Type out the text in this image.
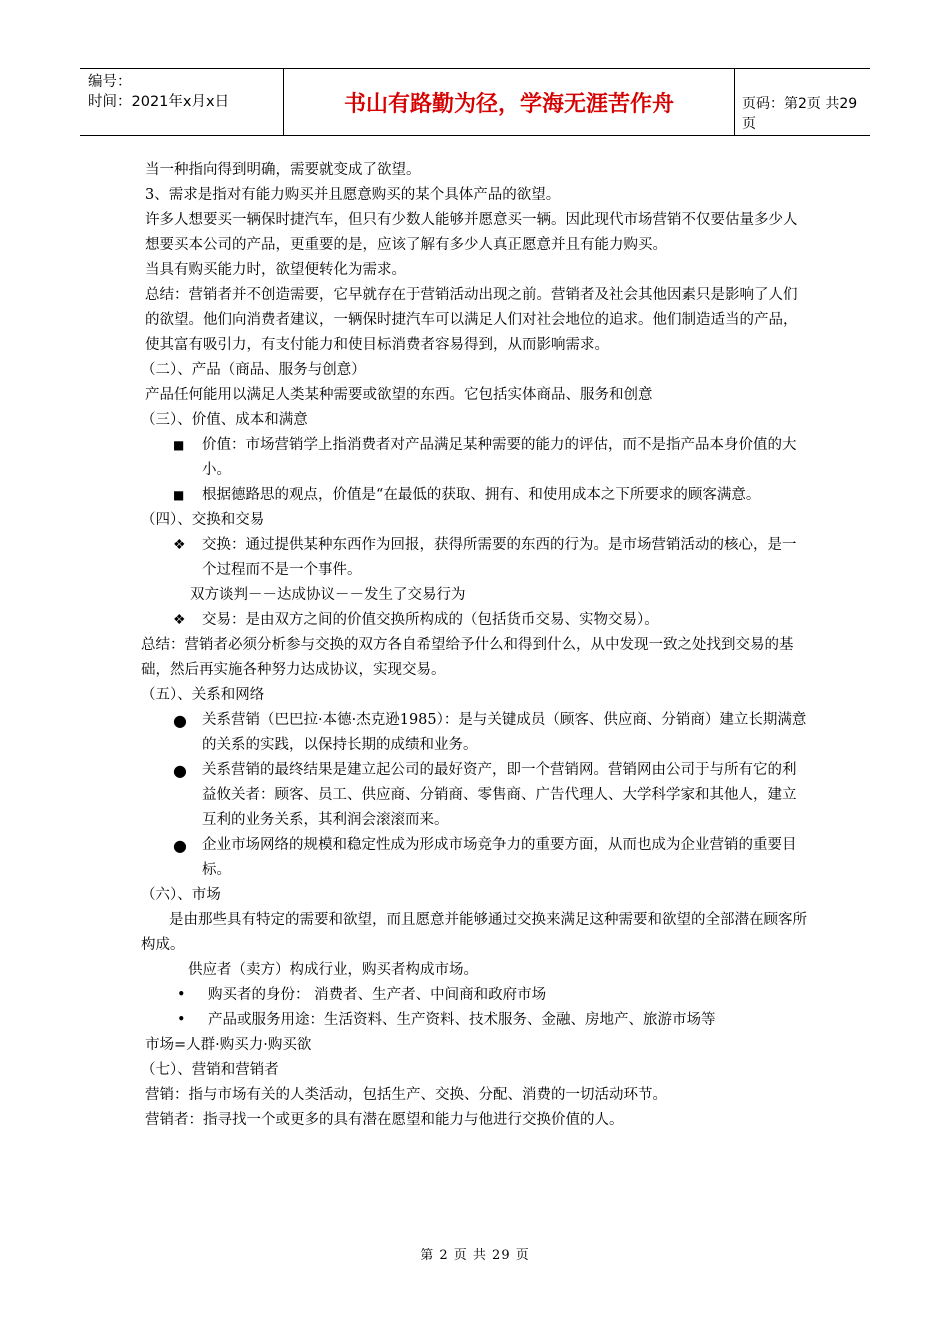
编号：
时间：2021年x月x日	书山有路勤为径，学海无涯苦作舟	页码：第2页 共29页

当一种指向得到明确，需要就变成了欲望。

3、需求是指对有能力购买并且愿意购买的某个具体产品的欲望。

许多人想要买一辆保时捷汽车，但只有少数人能够并愿意买一辆。因此现代市场营销不仅要估量多少人想要买本公司的产品，更重要的是，应该了解有多少人真正愿意并且有能力购买。

当具有购买能力时，欲望便转化为需求。

总结：营销者并不创造需要，它早就存在于营销活动出现之前。营销者及社会其他因素只是影响了人们的欲望。他们向消费者建议，一辆保时捷汽车可以满足人们对社会地位的追求。他们制造适当的产品，使其富有吸引力，有支付能力和使目标消费者容易得到，从而影响需求。

（二）、产品（商品、服务与创意）

产品任何能用以满足人类某种需要或欲望的东西。它包括实体商品、服务和创意

（三）、价值、成本和满意

■ 价值：市场营销学上指消费者对产品满足某种需要的能力的评估，而不是指产品本身价值的大小。

■ 根据德路思的观点，价值是“在最低的获取、拥有、和使用成本之下所要求的顾客满意。

（四）、交换和交易

❖ 交换：通过提供某种东西作为回报，获得所需要的东西的行为。是市场营销活动的核心，是一个过程而不是一个事件。

双方谈判－－达成协议－－发生了交易行为

❖ 交易：是由双方之间的价值交换所构成的（包括货币交易、实物交易）。

总结：营销者必须分析参与交换的双方各自希望给予什么和得到什么，从中发现一致之处找到交易的基础，然后再实施各种努力达成协议，实现交易。

（五）、关系和网络

● 关系营销（巴巴拉·本德·杰克逊1985）：是与关键成员（顾客、供应商、分销商）建立长期满意的关系的实践，以保持长期的成绩和业务。

● 关系营销的最终结果是建立起公司的最好资产，即一个营销网。营销网由公司于与所有它的利益攸关者：顾客、员工、供应商、分销商、零售商、广告代理人、大学科学家和其他人，建立互利的业务关系，其利润会滚滚而来。

● 企业市场网络的规模和稳定性成为形成市场竞争力的重要方面，从而也成为企业营销的重要目标。

（六）、市场

是由那些具有特定的需要和欲望，而且愿意并能够通过交换来满足这种需要和欲望的全部潜在顾客所构成。

供应者（卖方）构成行业，购买者构成市场。

• 购买者的身份： 消费者、生产者、中间商和政府市场

• 产品或服务用途：生活资料、生产资料、技术服务、金融、房地产、旅游市场等

市场=人群·购买力·购买欲

（七）、营销和营销者

营销：指与市场有关的人类活动，包括生产、交换、分配、消费的一切活动环节。

营销者：指寻找一个或更多的具有潜在愿望和能力与他进行交换价值的人。

第 2 页 共 29 页
